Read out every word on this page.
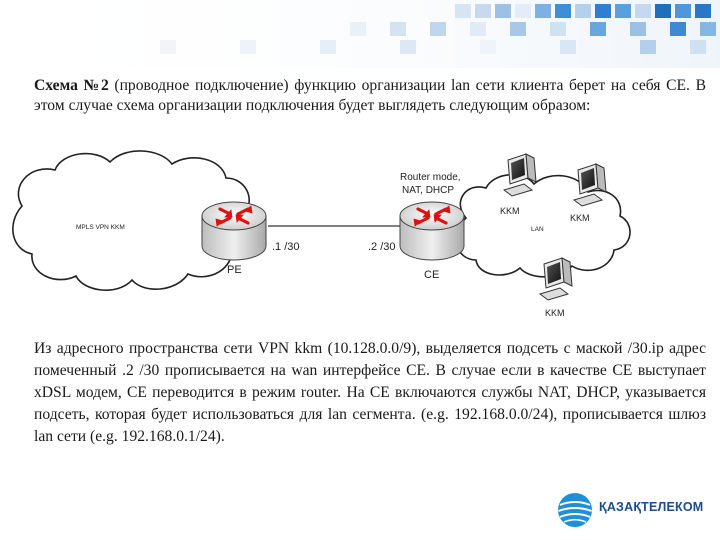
Схема №2 (проводное подключение) функцию организации lan сети клиента берет на себя СЕ. В этом случае схема организации подключения будет выглядеть следующим образом:
MPLS VPN KKM	LAN
.1 /30	.2 /30
PE	CE
Router mode,
NAT, DHCP
KKM
KKM
KKM
Из адресного пространства сети VPN kkm (10.128.0.0/9), выделяется подсеть с маской /30.ip адрес помеченный .2 /30 прописывается на wan интерфейсе СЕ. В случае если в качестве CE выступает xDSL модем, CE переводится в режим router. На СЕ включаются службы NAT, DHCP, указывается подсеть, которая будет использоваться для lan сегмента. (e.g. 192.168.0.0/24), прописывается шлюз lan сети (e.g. 192.168.0.1/24).
ҚАЗАҚТЕЛЕКОМ
